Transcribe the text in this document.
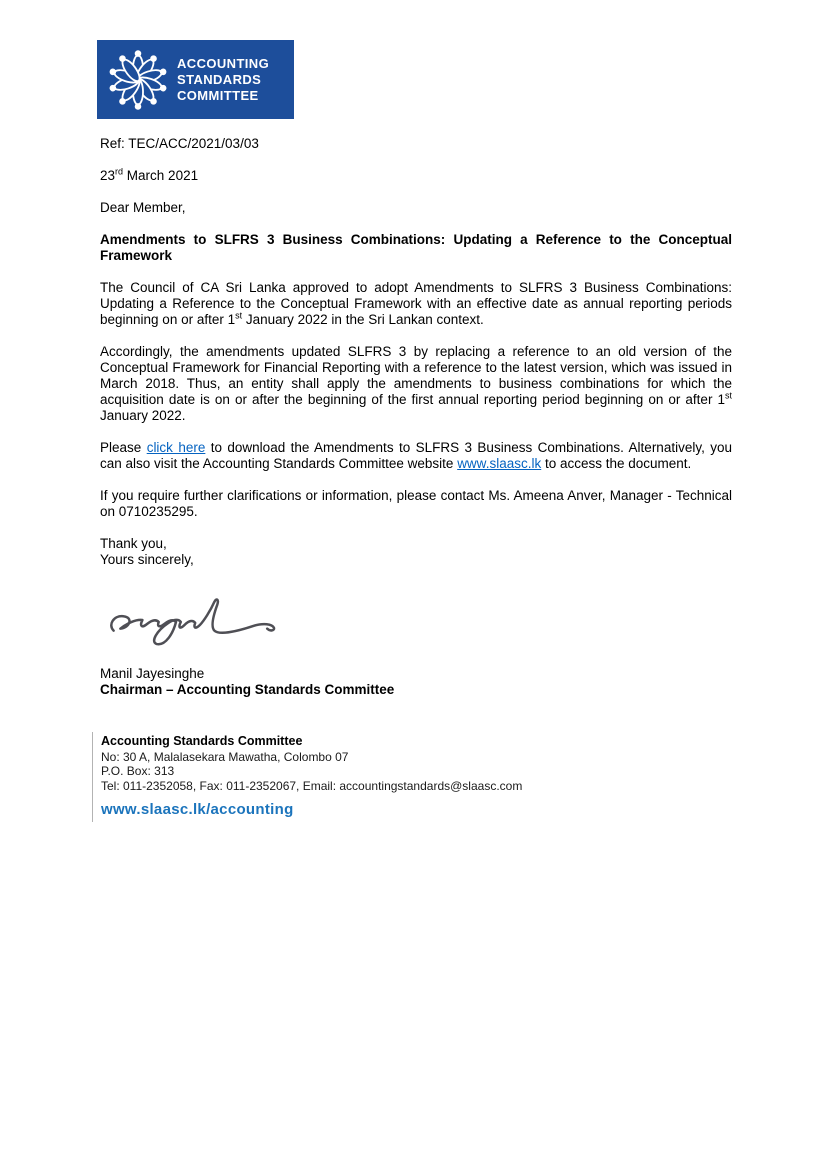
ACCOUNTING
STANDARDS
COMMITTEE

Ref: TEC/ACC/2021/03/03

23rd March 2021

Dear Member,

Amendments to SLFRS 3 Business Combinations: Updating a Reference to the Conceptual Framework

The Council of CA Sri Lanka approved to adopt Amendments to SLFRS 3 Business Combinations: Updating a Reference to the Conceptual Framework with an effective date as annual reporting periods beginning on or after 1st January 2022 in the Sri Lankan context.

Accordingly, the amendments updated SLFRS 3 by replacing a reference to an old version of the Conceptual Framework for Financial Reporting with a reference to the latest version, which was issued in March 2018. Thus, an entity shall apply the amendments to business combinations for which the acquisition date is on or after the beginning of the first annual reporting period beginning on or after 1st January 2022.

Please click here to download the Amendments to SLFRS 3 Business Combinations. Alternatively, you can also visit the Accounting Standards Committee website www.slaasc.lk to access the document.

If you require further clarifications or information, please contact Ms. Ameena Anver, Manager - Technical on 0710235295.

Thank you,

Yours sincerely,

Manil Jayesinghe

Chairman – Accounting Standards Committee

Accounting Standards Committee

No: 30 A, Malalasekara Mawatha, Colombo 07

P.O. Box: 313

Tel: 011-2352058, Fax: 011-2352067, Email: accountingstandards@slaasc.com

www.slaasc.lk/accounting
